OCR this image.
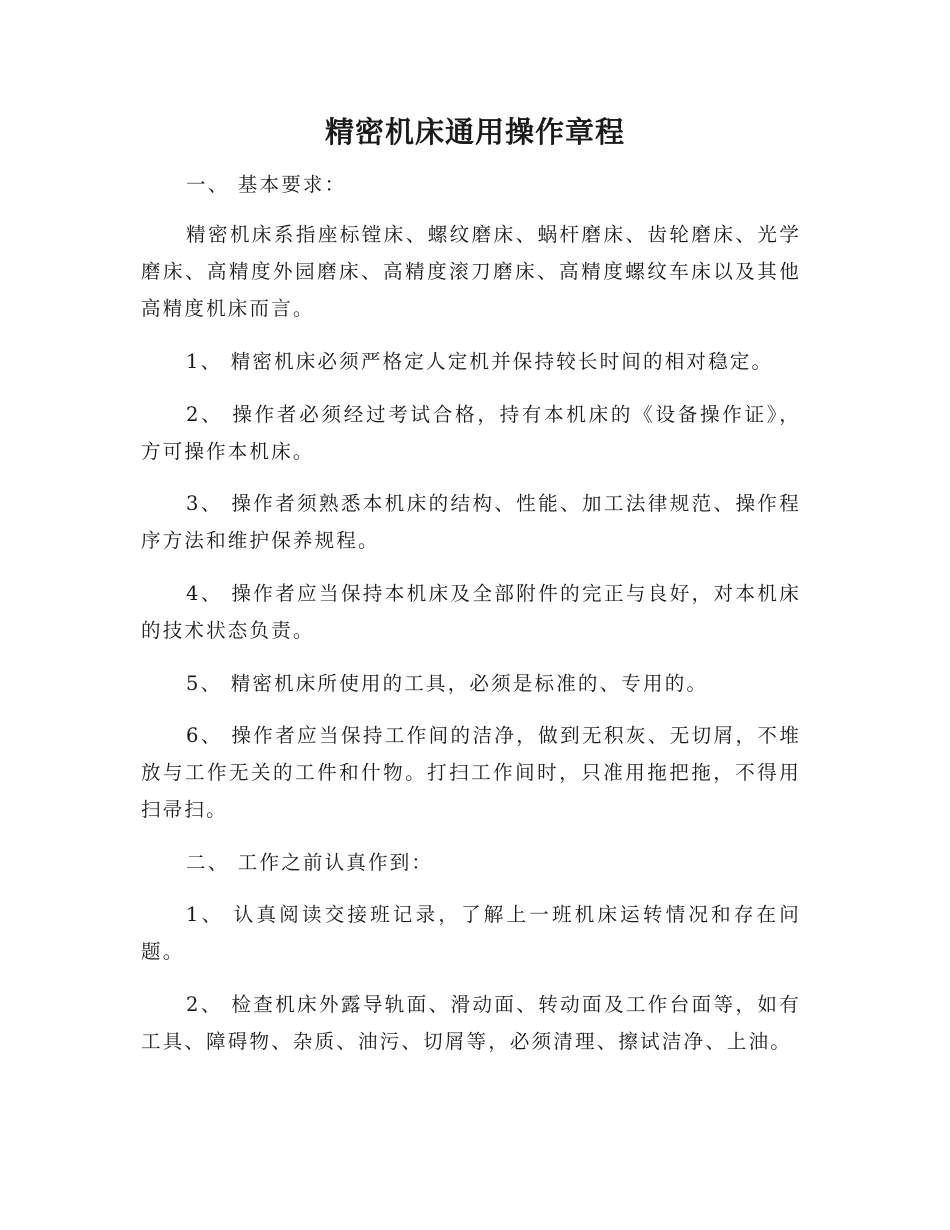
精密机床通用操作章程

一、 基本要求：

精密机床系指座标镗床、螺纹磨床、蜗杆磨床、齿轮磨床、光学磨床、高精度外园磨床、高精度滚刀磨床、高精度螺纹车床以及其他高精度机床而言。

1、 精密机床必须严格定人定机并保持较长时间的相对稳定。

2、 操作者必须经过考试合格，持有本机床的《设备操作证》，方可操作本机床。

3、 操作者须熟悉本机床的结构、性能、加工法律规范、操作程序方法和维护保养规程。

4、 操作者应当保持本机床及全部附件的完正与良好，对本机床的技术状态负责。

5、 精密机床所使用的工具，必须是标准的、专用的。

6、 操作者应当保持工作间的洁净，做到无积灰、无切屑，不堆放与工作无关的工件和什物。打扫工作间时，只准用拖把拖，不得用扫帚扫。

二、 工作之前认真作到：

1、 认真阅读交接班记录，了解上一班机床运转情况和存在问题。

2、 检查机床外露导轨面、滑动面、转动面及工作台面等，如有工具、障碍物、杂质、油污、切屑等，必须清理、擦试洁净、上油。
